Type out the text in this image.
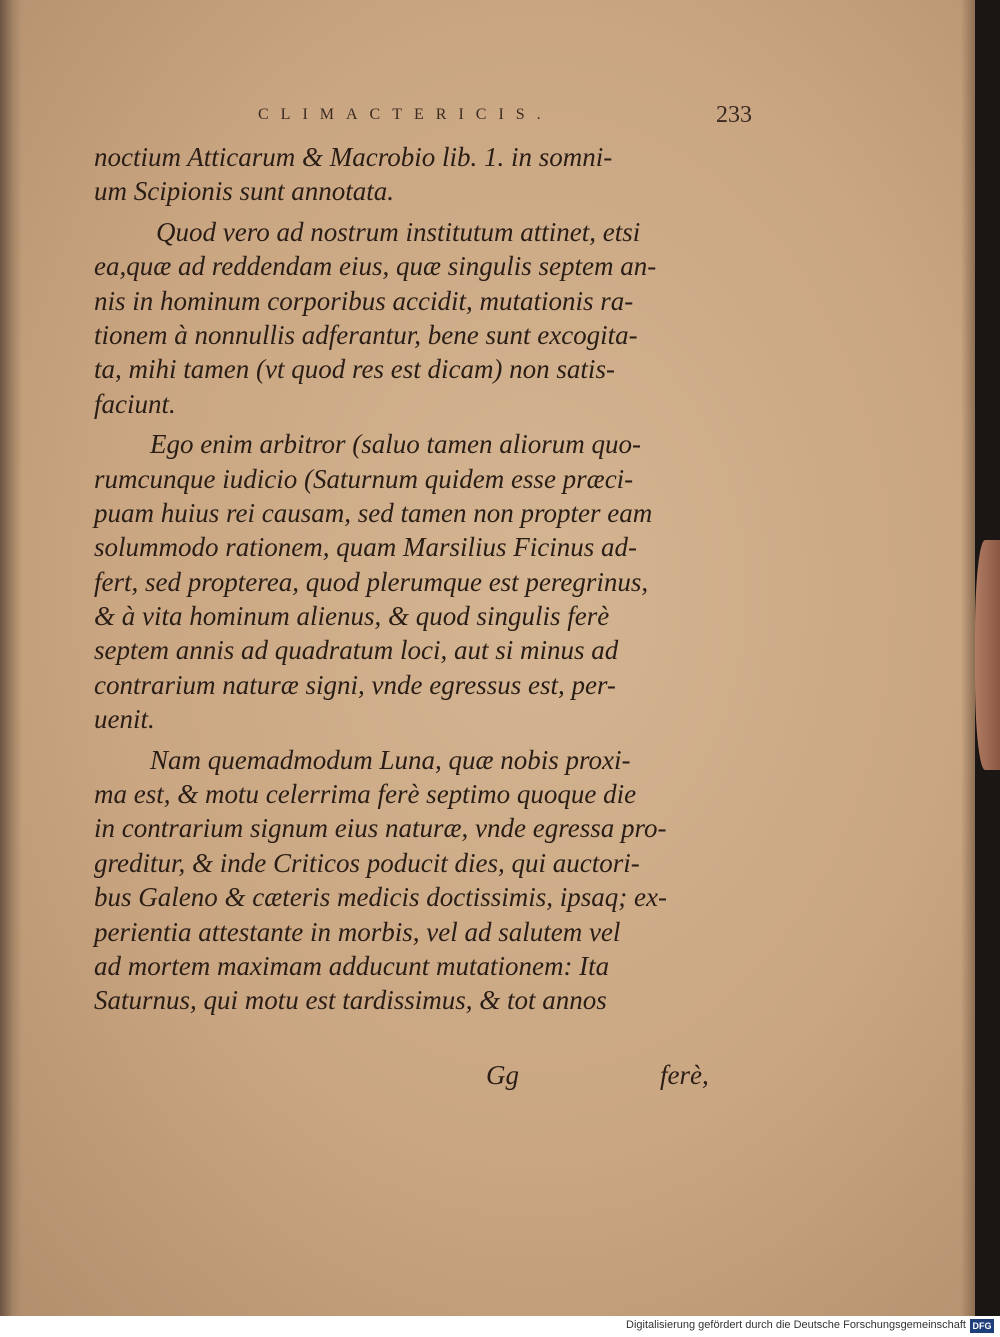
CLIMACTERICIS.	233
noctium Atticarum & Macrobio lib. 1. in somni-
um Scipionis sunt annotata.
Quod vero ad nostrum institutum attinet, etsi
ea,quæ ad reddendam eius, quæ singulis septem an-
nis in hominum corporibus accidit, mutationis ra-
tionem à nonnullis adferantur, bene sunt excogita-
ta, mihi tamen (vt quod res est dicam) non satis-
faciunt.
Ego enim arbitror (saluo tamen aliorum quo-
rumcunque iudicio (Saturnum quidem esse præci-
puam huius rei causam, sed tamen non propter eam
solummodo rationem, quam Marsilius Ficinus ad-
fert, sed propterea, quod plerumque est peregrinus,
& à vita hominum alienus, & quod singulis ferè
septem annis ad quadratum loci, aut si minus ad
contrarium naturæ signi, vnde egressus est, per-
uenit.
Nam quemadmodum Luna, quæ nobis proxi-
ma est, & motu celerrima ferè septimo quoque die
in contrarium signum eius naturæ, vnde egressa pro-
greditur, & inde Criticos poducit dies, qui auctori-
bus Galeno & cæteris medicis doctissimis, ipsaq; ex-
perientia attestante in morbis, vel ad salutem vel
ad mortem maximam adducunt mutationem: Ita
Saturnus, qui motu est tardissimus, & tot annos
Gg	ferè,
Digitalisierung gefördert durch die Deutsche Forschungsgemeinschaft DFG
